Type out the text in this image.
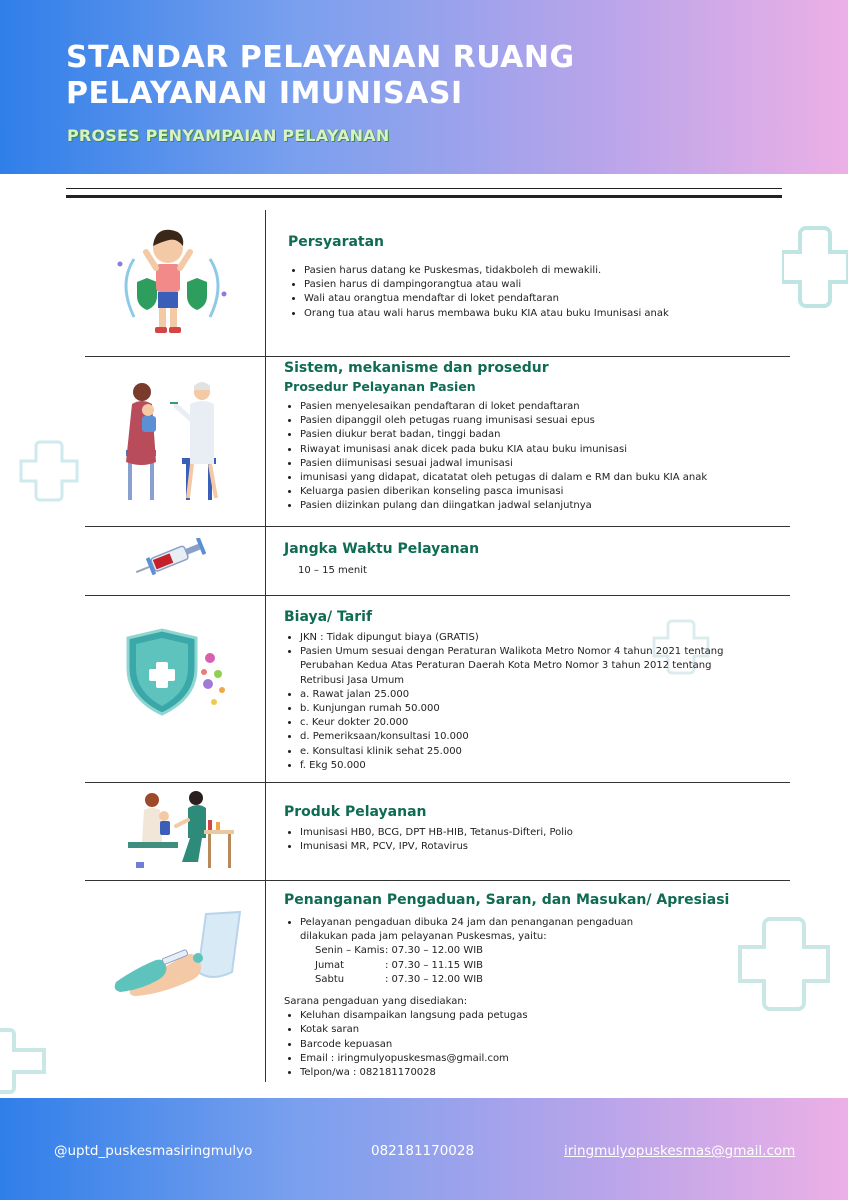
STANDAR PELAYANAN RUANG
PELAYANAN IMUNISASI
PROSES PENYAMPAIAN PELAYANAN
Persyaratan
• Pasien harus datang ke Puskesmas, tidakboleh di mewakili.
• Pasien harus di dampingorangtua atau wali
• Wali atau orangtua mendaftar di loket pendaftaran
• Orang tua atau wali harus membawa buku KIA atau buku Imunisasi anak
Sistem, mekanisme dan prosedur
Prosedur Pelayanan Pasien
• Pasien menyelesaikan pendaftaran di loket pendaftaran
• Pasien dipanggil oleh petugas ruang imunisasi sesuai epus
• Pasien diukur berat badan, tinggi badan
• Riwayat imunisasi anak dicek pada buku KIA atau buku imunisasi
• Pasien diimunisasi sesuai jadwal imunisasi
• imunisasi yang didapat, dicatatat oleh petugas di dalam e RM dan buku KIA anak
• Keluarga pasien diberikan konseling pasca imunisasi
• Pasien diizinkan pulang dan diingatkan jadwal selanjutnya
Jangka Waktu Pelayanan
10 – 15 menit
Biaya/ Tarif
• JKN : Tidak dipungut biaya (GRATIS)
• Pasien Umum sesuai dengan Peraturan Walikota Metro Nomor 4 tahun 2021 tentang Perubahan Kedua Atas Peraturan Daerah Kota Metro Nomor 3 tahun 2012 tentang Retribusi Jasa Umum
• a. Rawat jalan 25.000
• b. Kunjungan rumah 50.000
• c. Keur dokter 20.000
• d. Pemeriksaan/konsultasi 10.000
• e. Konsultasi klinik sehat 25.000
• f. Ekg 50.000
Produk Pelayanan
• Imunisasi HB0, BCG, DPT HB-HIB, Tetanus-Difteri, Polio
• Imunisasi MR, PCV, IPV, Rotavirus
Penanganan Pengaduan, Saran, dan Masukan/ Apresiasi
• Pelayanan pengaduan dibuka 24 jam dan penanganan pengaduan
dilakukan pada jam pelayanan Puskesmas, yaitu:
Senin – Kamis: 07.30 – 12.00 WIB
Jumat	: 07.30 – 11.15 WIB
Sabtu	: 07.30 – 12.00 WIB
Sarana pengaduan yang disediakan:
• Keluhan disampaikan langsung pada petugas
• Kotak saran
• Barcode kepuasan
• Email : iringmulyopuskesmas@gmail.com
• Telpon/wa : 082181170028
@uptd_puskesmasiringmulyo	082181170028	iringmulyopuskesmas@gmail.com
